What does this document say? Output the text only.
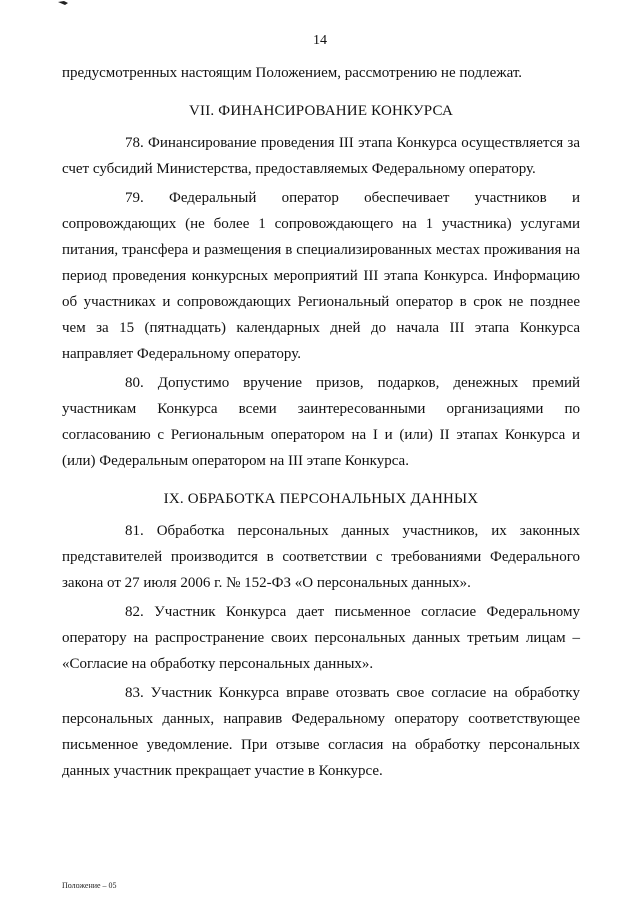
14

предусмотренных настоящим Положением, рассмотрению не подлежат.

VII. ФИНАНСИРОВАНИЕ КОНКУРСА

78. Финансирование проведения III этапа Конкурса осуществляется за счет субсидий Министерства, предоставляемых Федеральному оператору.

79. Федеральный оператор обеспечивает участников и сопровождающих (не более 1 сопровождающего на 1 участника) услугами питания, трансфера и размещения в специализированных местах проживания на период проведения конкурсных мероприятий III этапа Конкурса. Информацию об участниках и сопровождающих Региональный оператор в срок не позднее чем за 15 (пятнадцать) календарных дней до начала III этапа Конкурса направляет Федеральному оператору.

80. Допустимо вручение призов, подарков, денежных премий участникам Конкурса всеми заинтересованными организациями по согласованию с Региональным оператором на I и (или) II этапах Конкурса и (или) Федеральным оператором на III этапе Конкурса.

IX. ОБРАБОТКА ПЕРСОНАЛЬНЫХ ДАННЫХ

81. Обработка персональных данных участников, их законных представителей производится в соответствии с требованиями Федерального закона от 27 июля 2006 г. № 152-ФЗ «О персональных данных».

82. Участник Конкурса дает письменное согласие Федеральному оператору на распространение своих персональных данных третьим лицам – «Согласие на обработку персональных данных».

83. Участник Конкурса вправе отозвать свое согласие на обработку персональных данных, направив Федеральному оператору соответствующее письменное уведомление. При отзыве согласия на обработку персональных данных участник прекращает участие в Конкурсе.

Положение – 05
